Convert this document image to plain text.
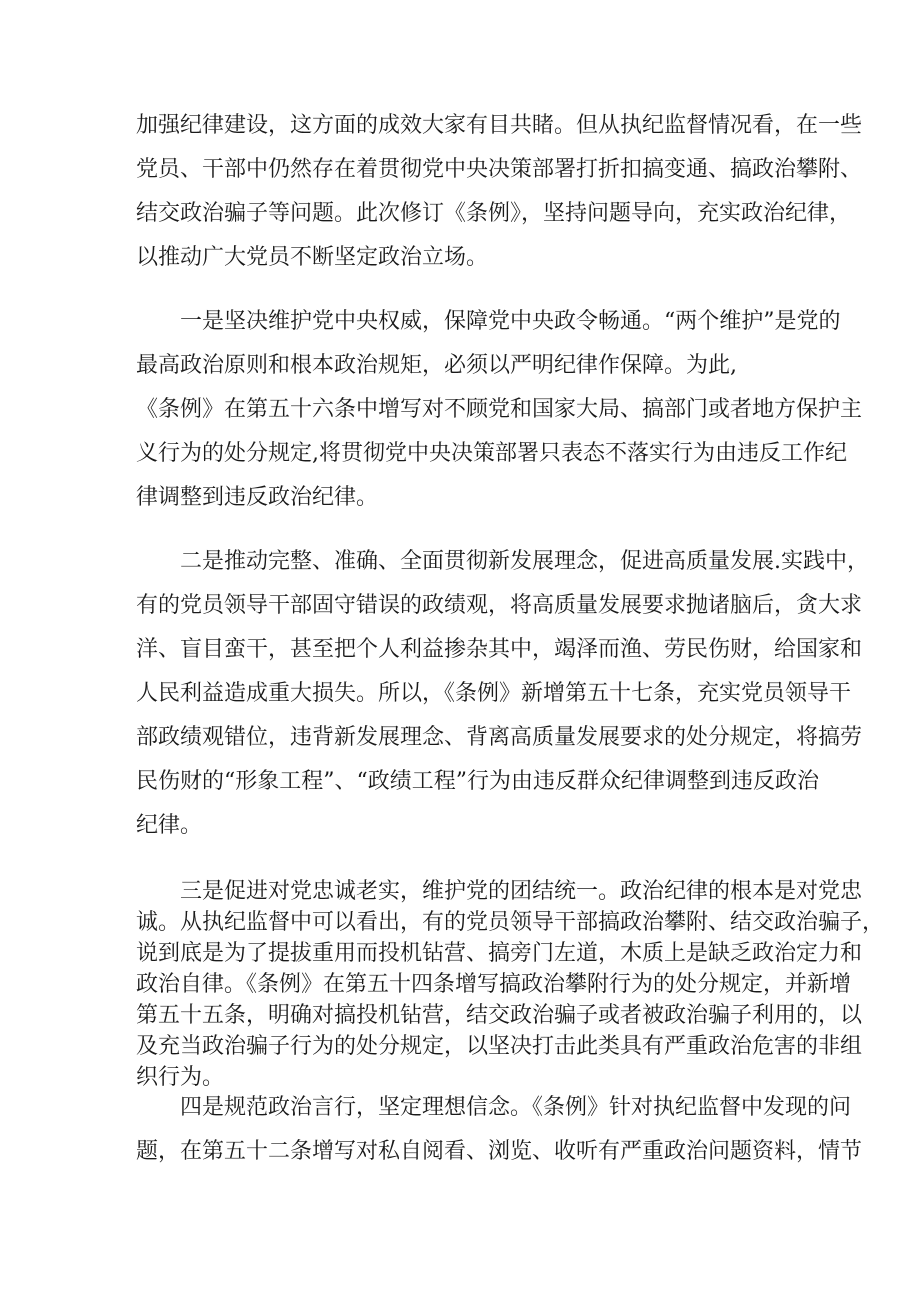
加强纪律建设，这方面的成效大家有目共睹。但从执纪监督情况看，在一些
党员、干部中仍然存在着贯彻党中央决策部署打折扣搞变通、搞政治攀附、
结交政治骗子等问题。此次修订《条例》，坚持问题导向，充实政治纪律，
以推动广大党员不断坚定政治立场。
　　一是坚决维护党中央权威，保障党中央政令畅通。“两个维护”是党的
最高政治原则和根本政治规矩，必须以严明纪律作保障。为此,
《条例》在第五十六条中增写对不顾党和国家大局、搞部门或者地方保护主
义行为的处分规定,将贯彻党中央决策部署只表态不落实行为由违反工作纪
律调整到违反政治纪律。
　　二是推动完整、准确、全面贯彻新发展理念，促进高质量发展.实践中，
有的党员领导干部固守错误的政绩观，将高质量发展要求抛诸脑后，贪大求
洋、盲目蛮干，甚至把个人利益掺杂其中，竭泽而渔、劳民伤财，给国家和
人民利益造成重大损失。所以，《条例》新增第五十七条，充实党员领导干
部政绩观错位，违背新发展理念、背离高质量发展要求的处分规定，将搞劳
民伤财的“形象工程”、“政绩工程”行为由违反群众纪律调整到违反政治
纪律。
　　三是促进对党忠诚老实，维护党的团结统一。政治纪律的根本是对党忠
诚。从执纪监督中可以看出，有的党员领导干部搞政治攀附、结交政治骗子，
说到底是为了提拔重用而投机钻营、搞旁门左道，木质上是缺乏政治定力和
政治自律。《条例》在第五十四条增写搞政治攀附行为的处分规定，并新增
第五十五条，明确对搞投机钻营，结交政治骗子或者被政治骗子利用的，以
及充当政治骗子行为的处分规定，以坚决打击此类具有严重政治危害的非组
织行为。
　　四是规范政治言行，坚定理想信念。《条例》针对执纪监督中发现的问
题，在第五十二条增写对私自阅看、浏览、收听有严重政治问题资料，情节
